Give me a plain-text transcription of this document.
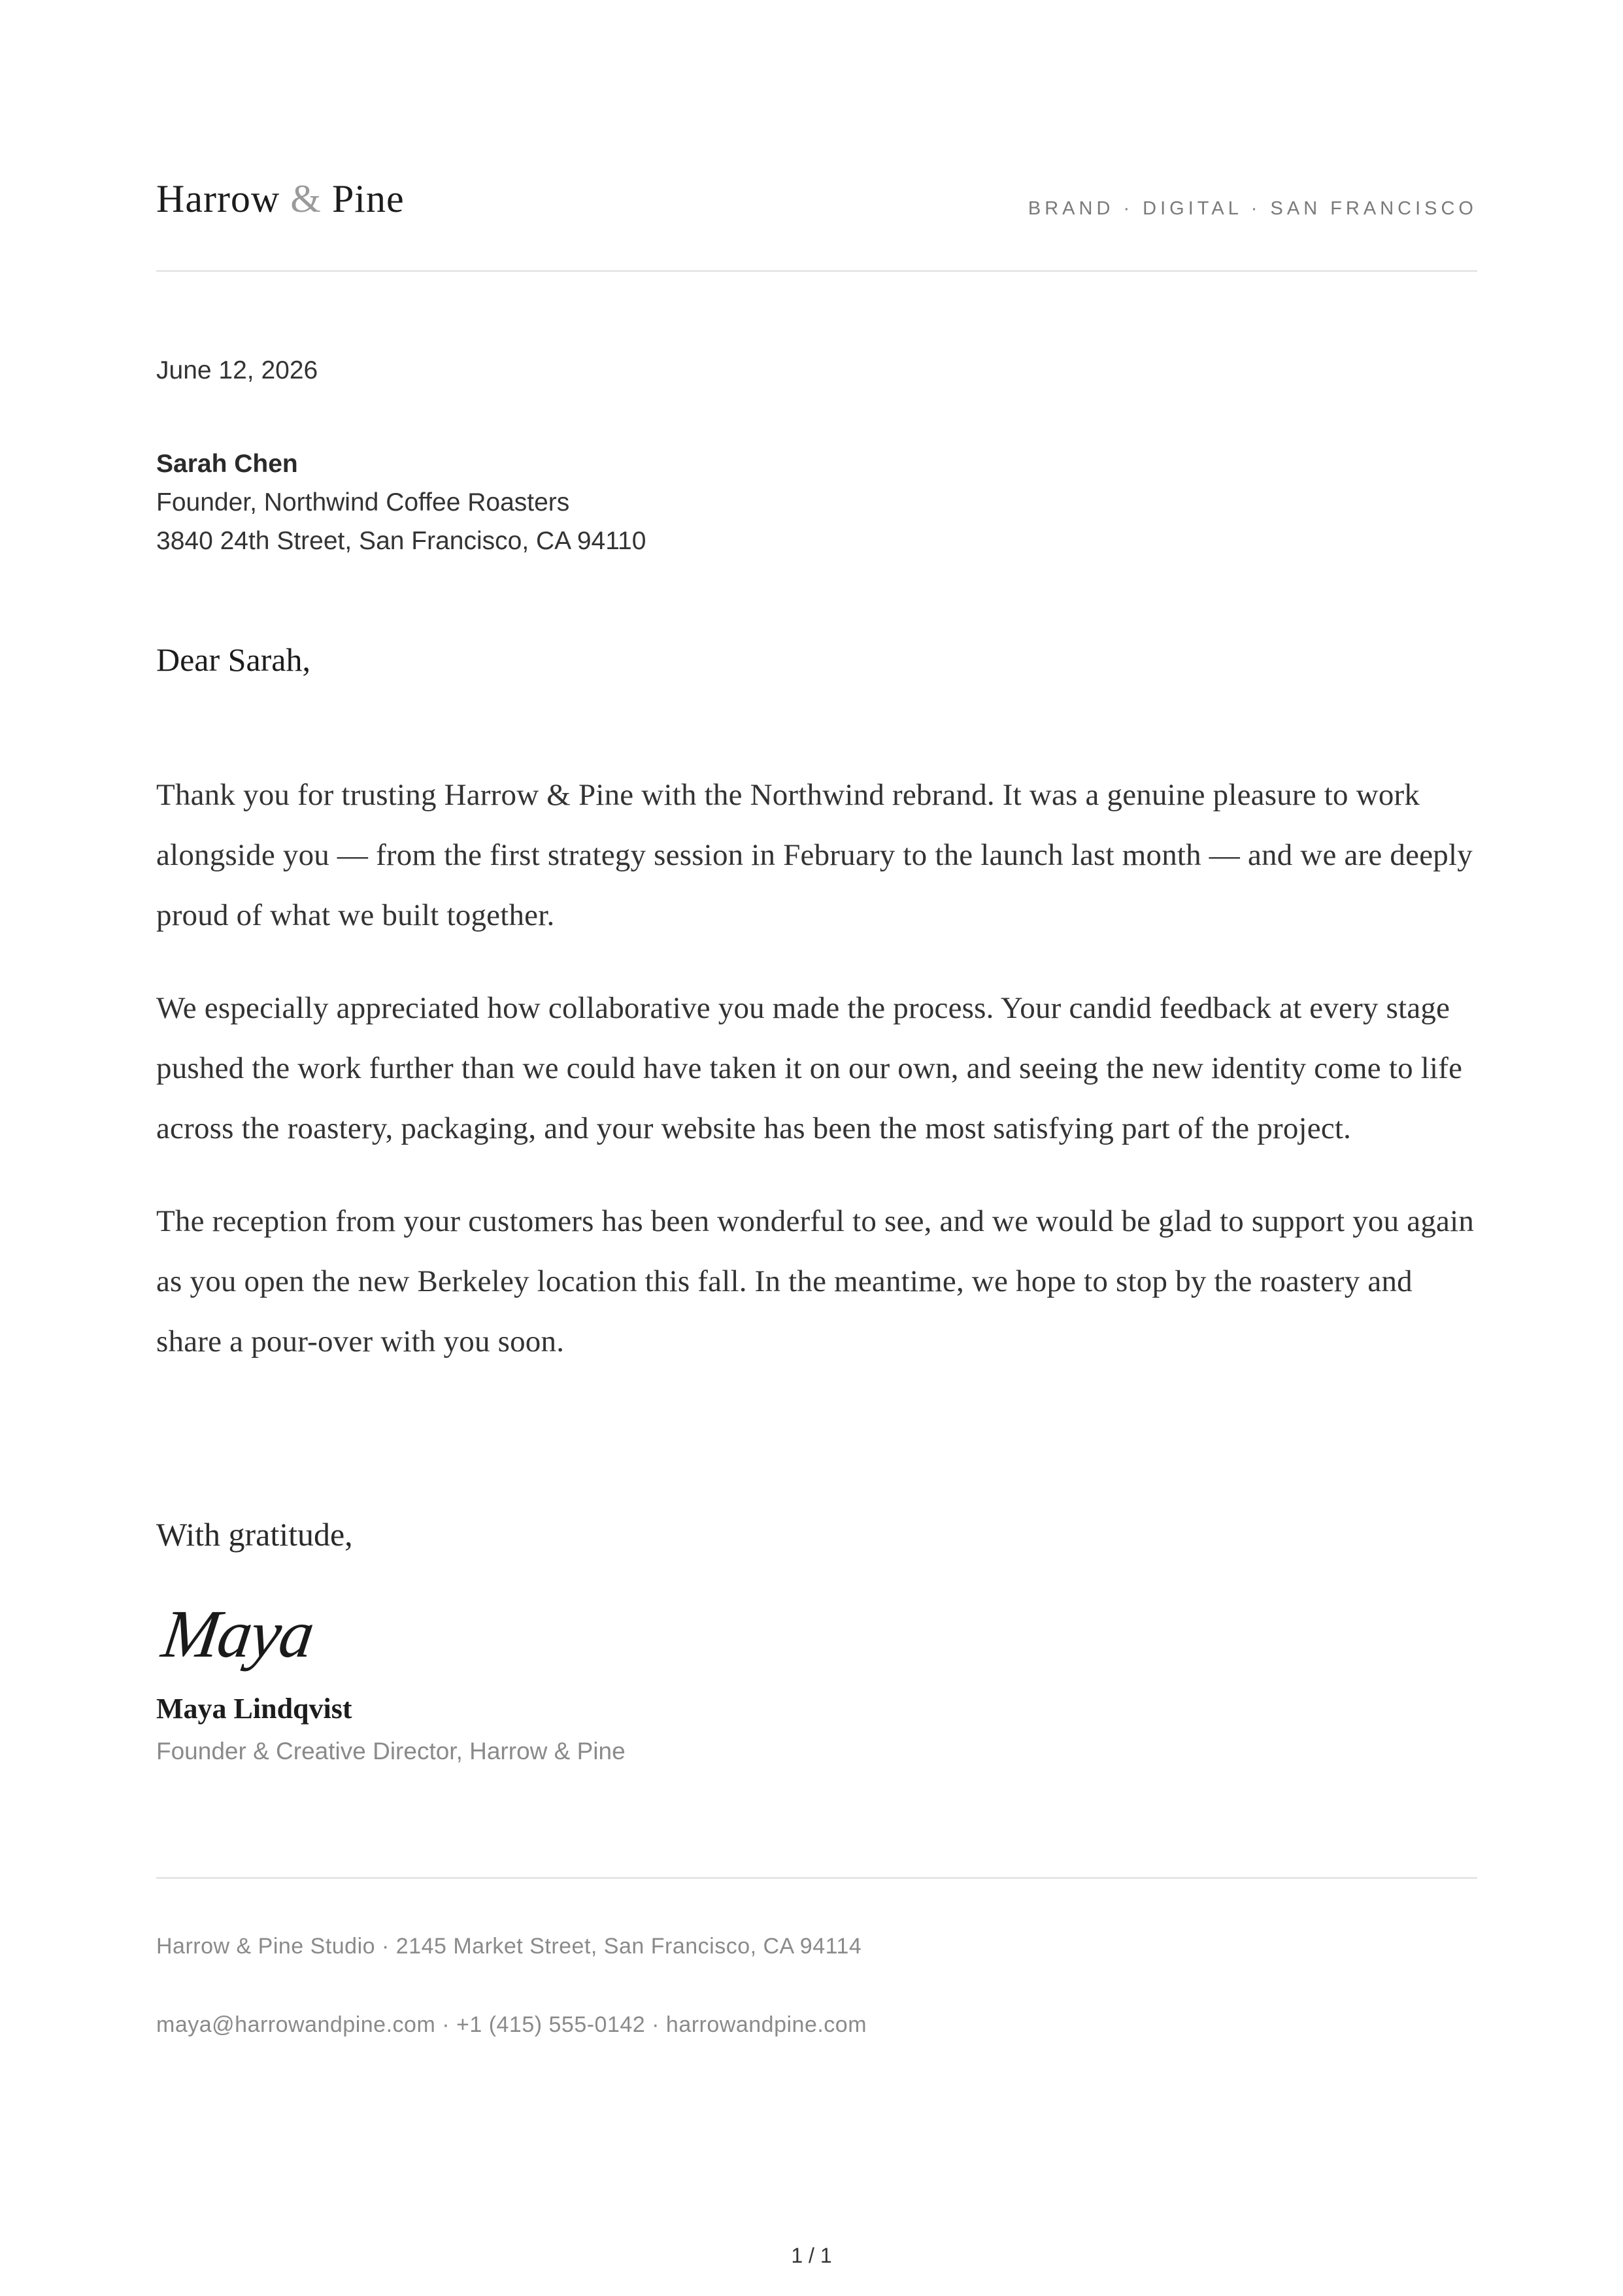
Harrow & Pine	BRAND · DIGITAL · SAN FRANCISCO
June 12, 2026
Sarah Chen
Founder, Northwind Coffee Roasters
3840 24th Street, San Francisco, CA 94110
Dear Sarah,

Thank you for trusting Harrow & Pine with the Northwind rebrand. It was a genuine pleasure to work alongside you — from the first strategy session in February to the launch last month — and we are deeply proud of what we built together.

We especially appreciated how collaborative you made the process. Your candid feedback at every stage pushed the work further than we could have taken it on our own, and seeing the new identity come to life across the roastery, packaging, and your website has been the most satisfying part of the project.

The reception from your customers has been wonderful to see, and we would be glad to support you again as you open the new Berkeley location this fall. In the meantime, we hope to stop by the roastery and share a pour-over with you soon.

With gratitude,
Maya
Maya Lindqvist
Founder & Creative Director, Harrow & Pine
Harrow & Pine Studio · 2145 Market Street, San Francisco, CA 94114
maya@harrowandpine.com · +1 (415) 555-0142 · harrowandpine.com
1 / 1
